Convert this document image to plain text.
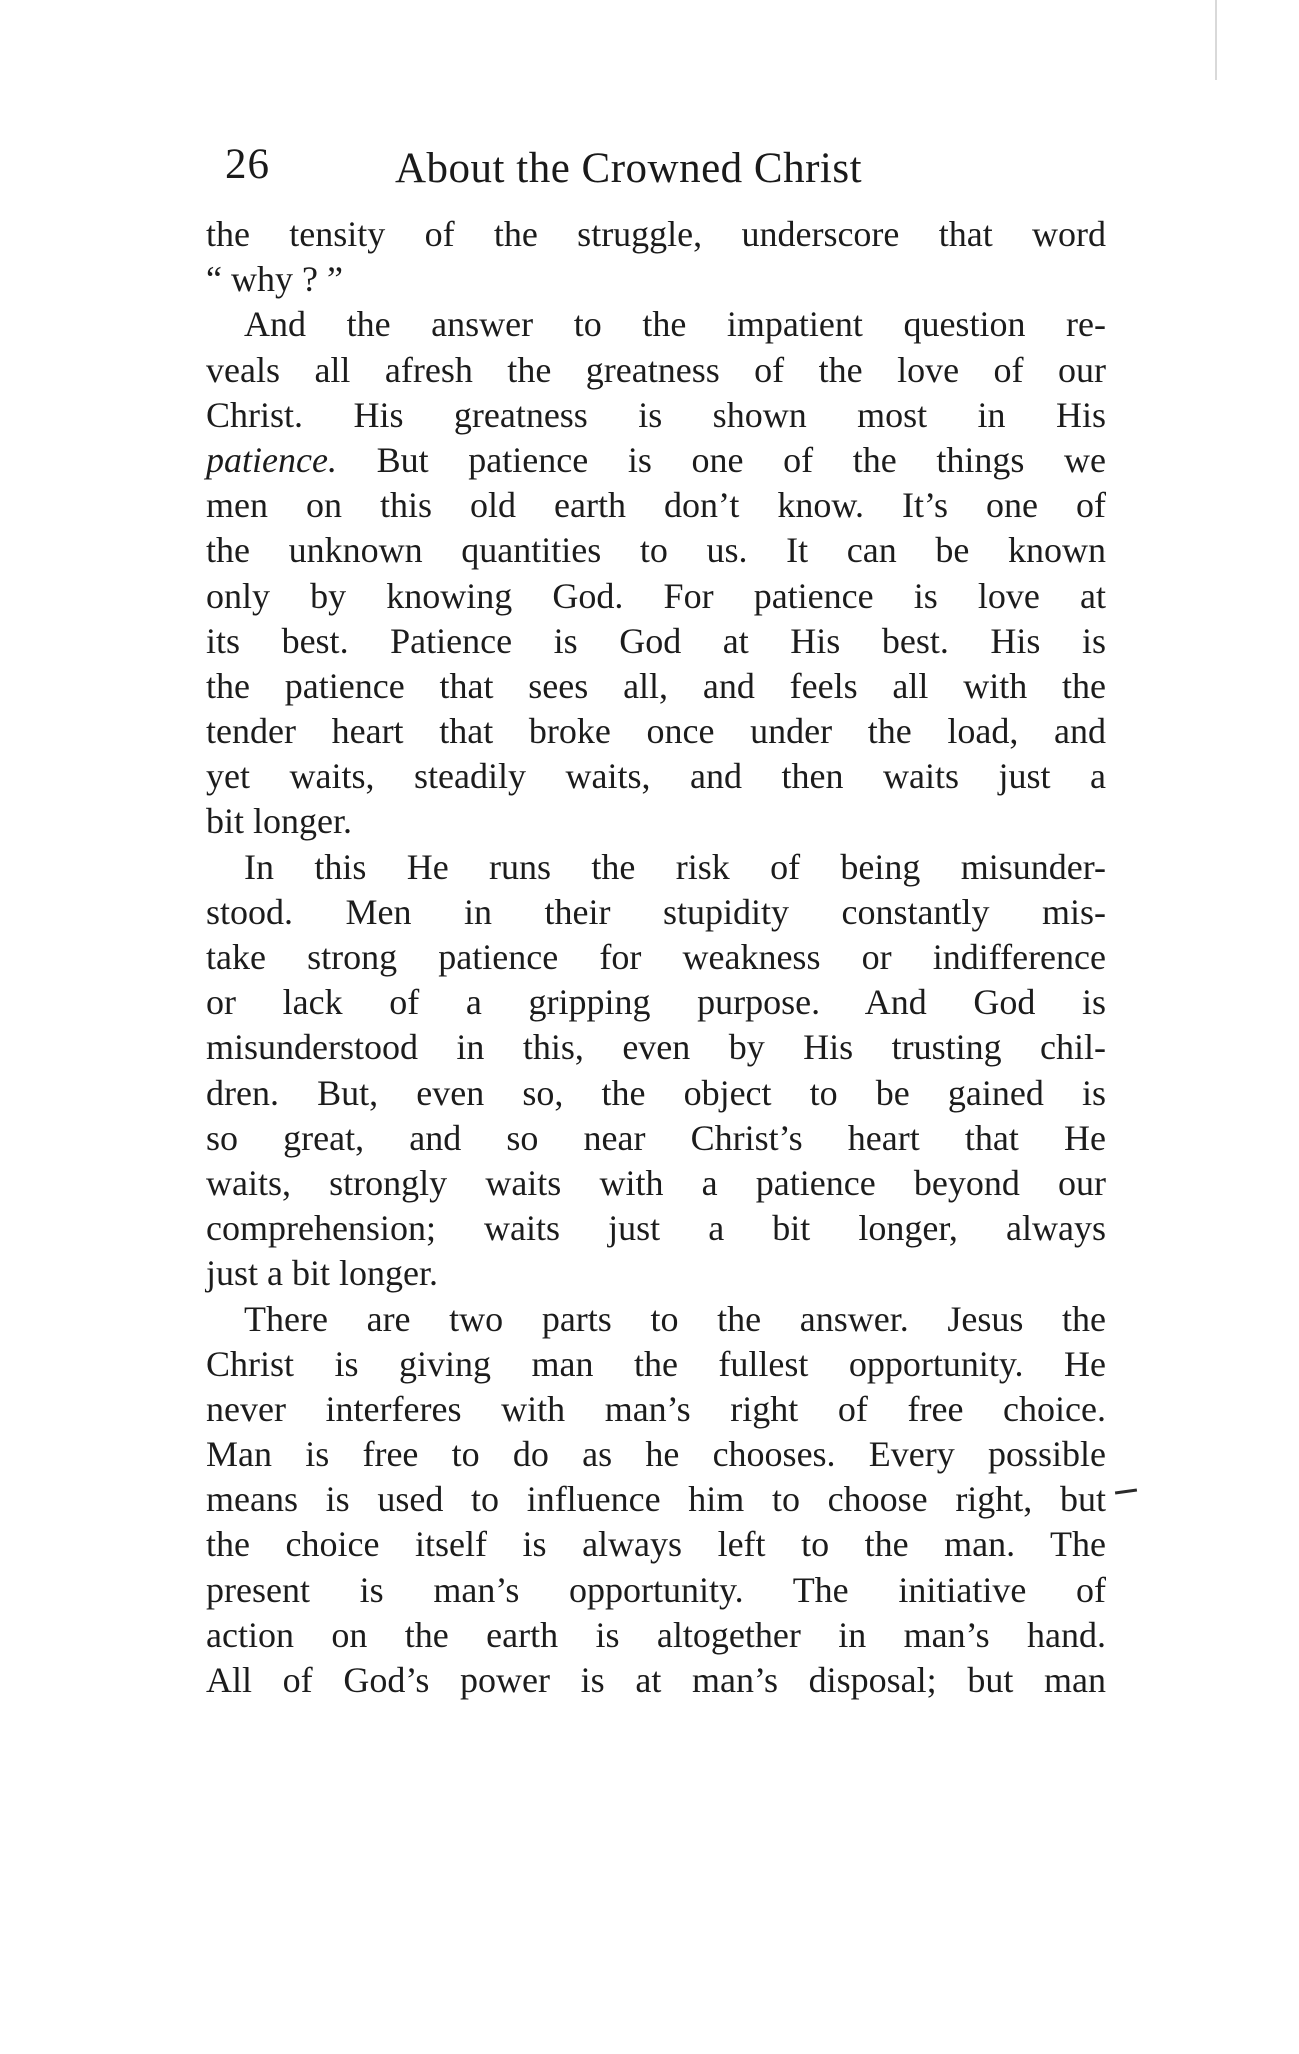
26	About the Crowned Christ

the tensity of the struggle, underscore that word
“ why ? ”

And the answer to the impatient question re-
veals all afresh the greatness of the love of our
Christ. His greatness is shown most in His
patience. But patience is one of the things we
men on this old earth don’t know. It’s one of
the unknown quantities to us. It can be known
only by knowing God. For patience is love at
its best. Patience is God at His best. His is
the patience that sees all, and feels all with the
tender heart that broke once under the load, and
yet waits, steadily waits, and then waits just a
bit longer.

In this He runs the risk of being misunder-
stood. Men in their stupidity constantly mis-
take strong patience for weakness or indifference
or lack of a gripping purpose. And God is
misunderstood in this, even by His trusting chil-
dren. But, even so, the object to be gained is
so great, and so near Christ’s heart that He
waits, strongly waits with a patience beyond our
comprehension; waits just a bit longer, always
just a bit longer.

There are two parts to the answer. Jesus the
Christ is giving man the fullest opportunity. He
never interferes with man’s right of free choice.
Man is free to do as he chooses. Every possible
means is used to influence him to choose right, but
the choice itself is always left to the man. The
present is man’s opportunity. The initiative of
action on the earth is altogether in man’s hand.
All of God’s power is at man’s disposal; but man
